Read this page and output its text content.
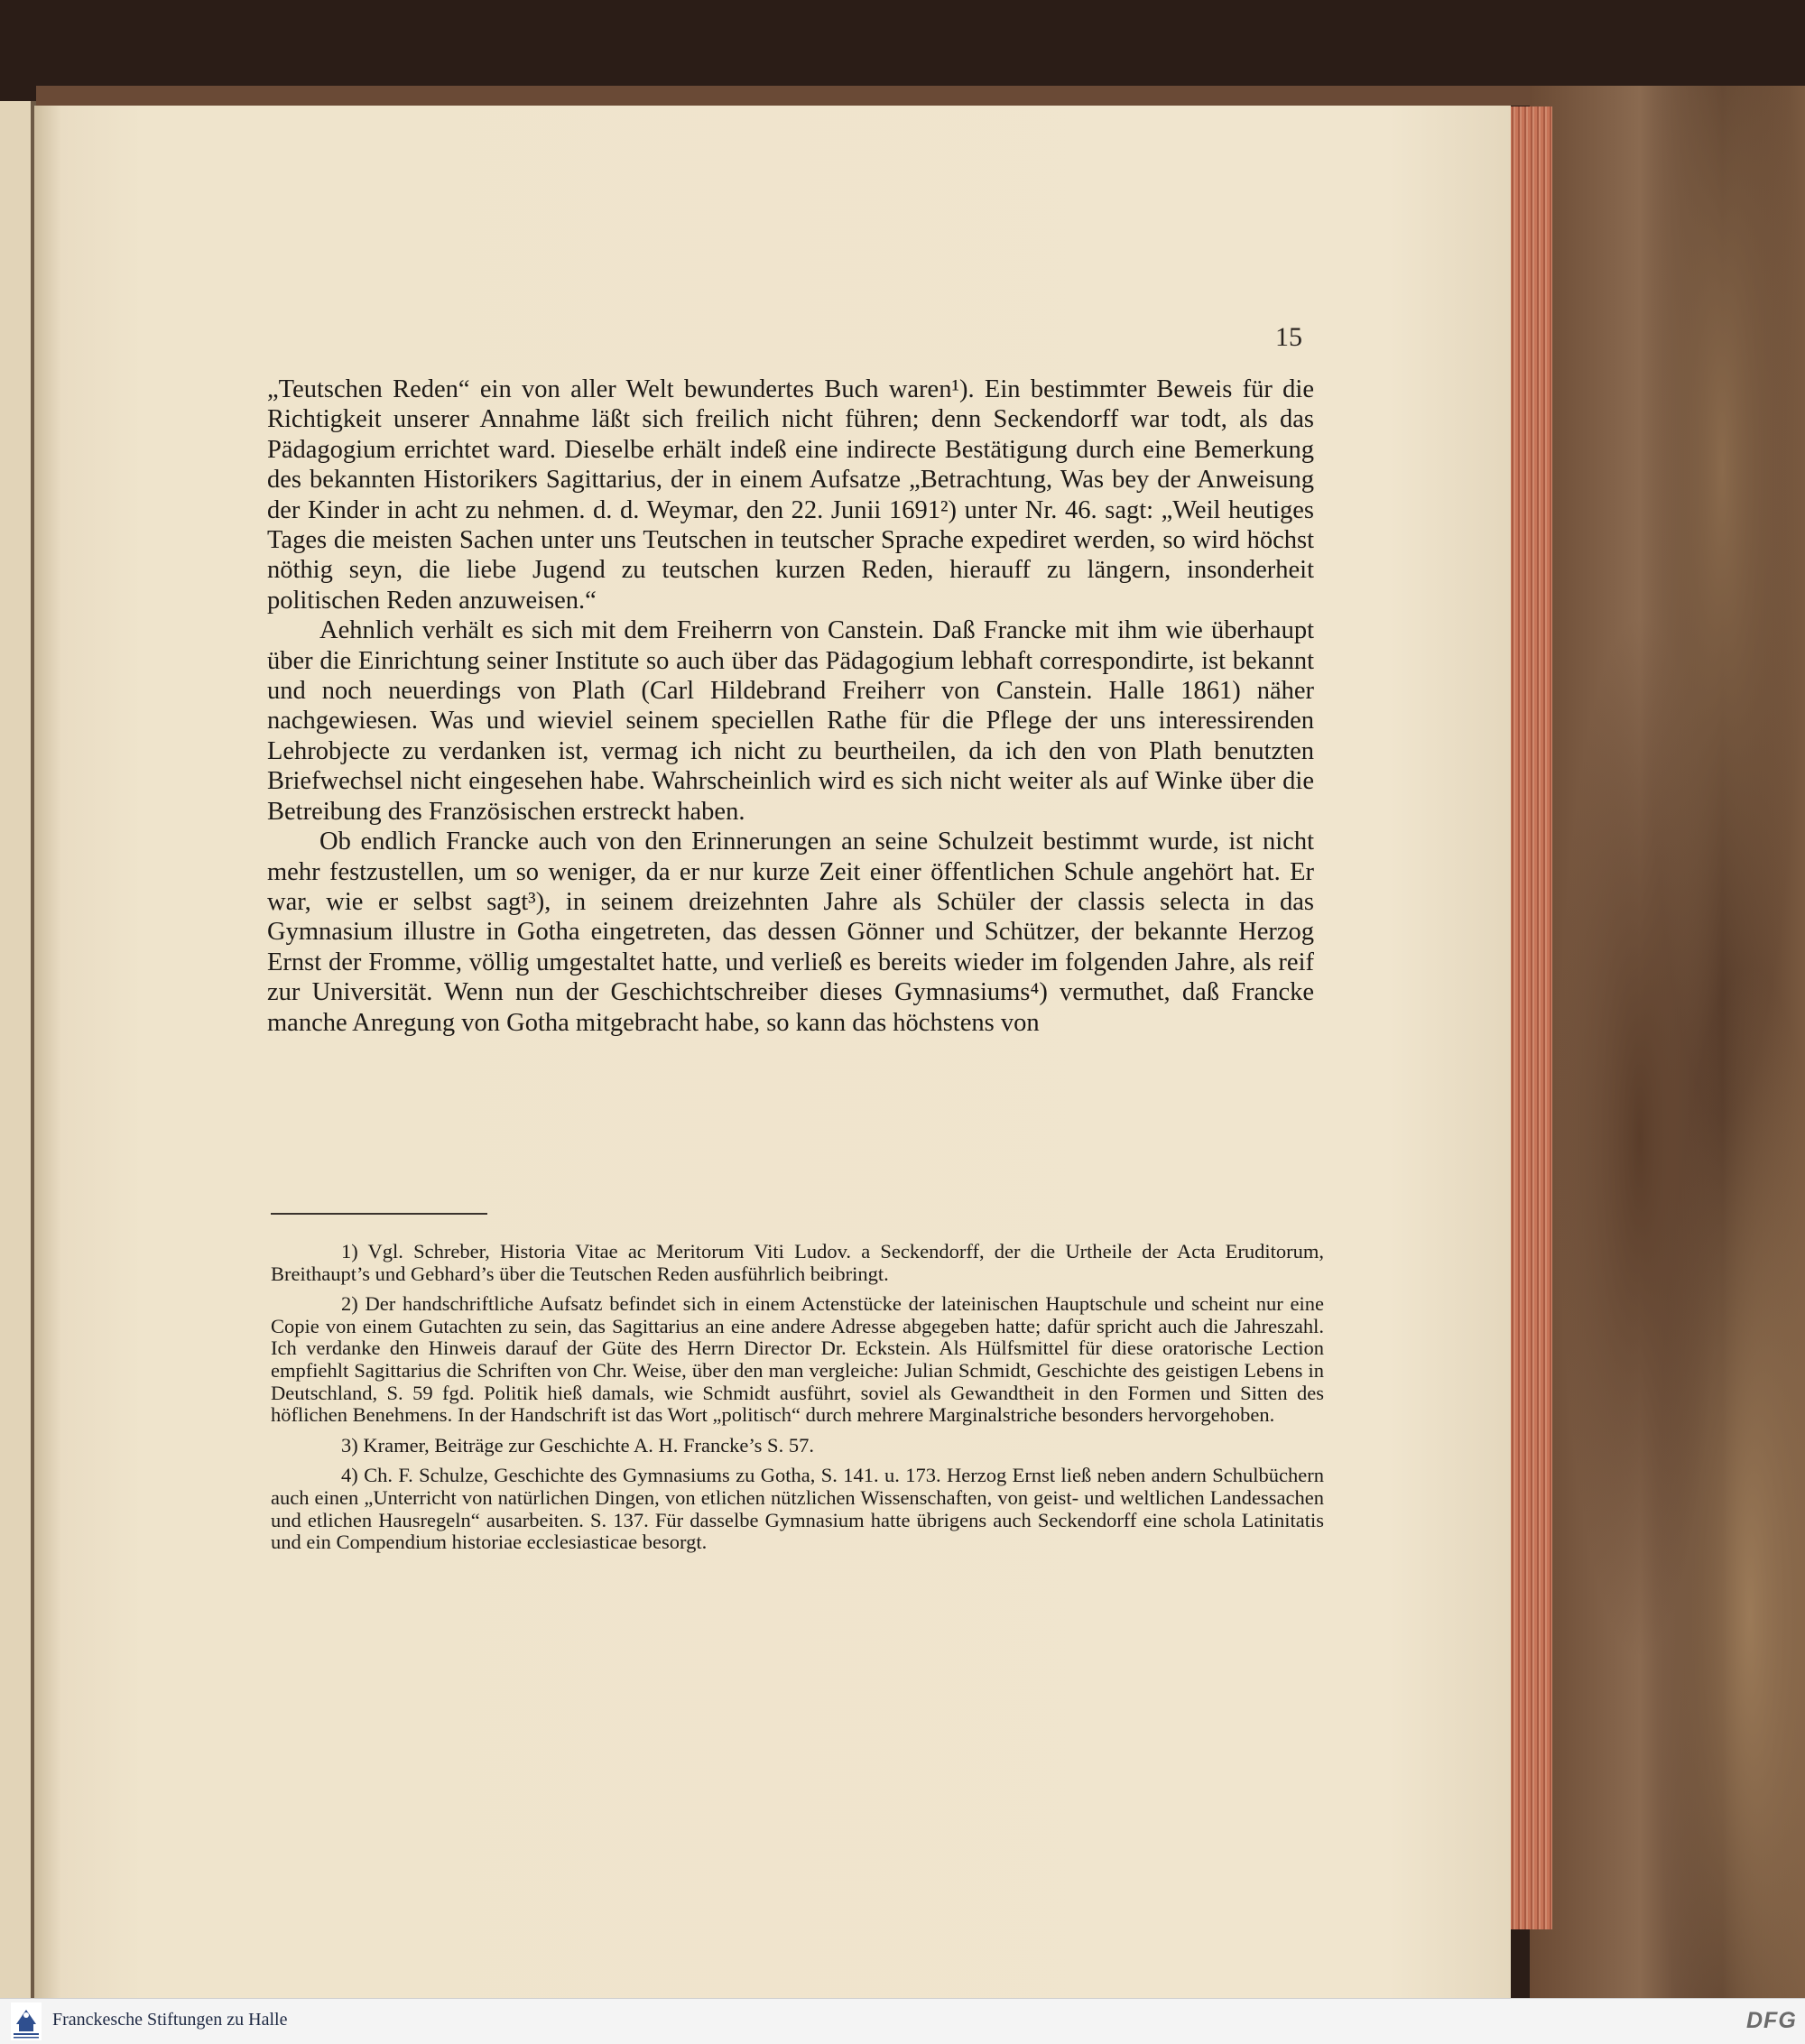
15

„Teutschen Reden“ ein von aller Welt bewundertes Buch waren¹). Ein bestimmter Beweis für die Richtigkeit unserer Annahme läßt sich freilich nicht führen; denn Seckendorff war todt, als das Pädagogium errichtet ward. Dieselbe erhält indeß eine indirecte Bestätigung durch eine Bemerkung des bekannten Historikers Sagittarius, der in einem Aufsatze „Betrachtung, Was bey der Anweisung der Kinder in acht zu nehmen. d. d. Weymar, den 22. Junii 1691²) unter Nr. 46. sagt: „Weil heutiges Tages die meisten Sachen unter uns Teutschen in teutscher Sprache expediret werden, so wird höchst nöthig seyn, die liebe Jugend zu teutschen kurzen Reden, hierauff zu längern, insonderheit politischen Reden anzuweisen.“

Aehnlich verhält es sich mit dem Freiherrn von Canstein. Daß Francke mit ihm wie überhaupt über die Einrichtung seiner Institute so auch über das Pädagogium lebhaft correspondirte, ist bekannt und noch neuerdings von Plath (Carl Hildebrand Freiherr von Canstein. Halle 1861) näher nachgewiesen. Was und wieviel seinem speciellen Rathe für die Pflege der uns interessirenden Lehrobjecte zu verdanken ist, vermag ich nicht zu beurtheilen, da ich den von Plath benutzten Briefwechsel nicht eingesehen habe. Wahrscheinlich wird es sich nicht weiter als auf Winke über die Betreibung des Französischen erstreckt haben.

Ob endlich Francke auch von den Erinnerungen an seine Schulzeit bestimmt wurde, ist nicht mehr festzustellen, um so weniger, da er nur kurze Zeit einer öffentlichen Schule angehört hat. Er war, wie er selbst sagt³), in seinem dreizehnten Jahre als Schüler der classis selecta in das Gymnasium illustre in Gotha eingetreten, das dessen Gönner und Schützer, der bekannte Herzog Ernst der Fromme, völlig umgestaltet hatte, und verließ es bereits wieder im folgenden Jahre, als reif zur Universität. Wenn nun der Geschichtschreiber dieses Gymnasiums⁴) vermuthet, daß Francke manche Anregung von Gotha mitgebracht habe, so kann das höchstens von

1) Vgl. Schreber, Historia Vitae ac Meritorum Viti Ludov. a Seckendorff, der die Urtheile der Acta Eruditorum, Breithaupt’s und Gebhard’s über die Teutschen Reden ausführlich beibringt.

2) Der handschriftliche Aufsatz befindet sich in einem Actenstücke der lateinischen Hauptschule und scheint nur eine Copie von einem Gutachten zu sein, das Sagittarius an eine andere Adresse abgegeben hatte; dafür spricht auch die Jahreszahl. Ich verdanke den Hinweis darauf der Güte des Herrn Director Dr. Eckstein. Als Hülfsmittel für diese oratorische Lection empfiehlt Sagittarius die Schriften von Chr. Weise, über den man vergleiche: Julian Schmidt, Geschichte des geistigen Lebens in Deutschland, S. 59 fgd. Politik hieß damals, wie Schmidt ausführt, soviel als Gewandtheit in den Formen und Sitten des höflichen Benehmens. In der Handschrift ist das Wort „politisch“ durch mehrere Marginalstriche besonders hervorgehoben.

3) Kramer, Beiträge zur Geschichte A. H. Francke’s S. 57.

4) Ch. F. Schulze, Geschichte des Gymnasiums zu Gotha, S. 141. u. 173. Herzog Ernst ließ neben andern Schulbüchern auch einen „Unterricht von natürlichen Dingen, von etlichen nützlichen Wissenschaften, von geist- und weltlichen Landessachen und etlichen Hausregeln“ ausarbeiten. S. 137. Für dasselbe Gymnasium hatte übrigens auch Seckendorff eine schola Latinitatis und ein Compendium historiae ecclesiasticae besorgt.

Franckesche Stiftungen zu Halle	DFG
